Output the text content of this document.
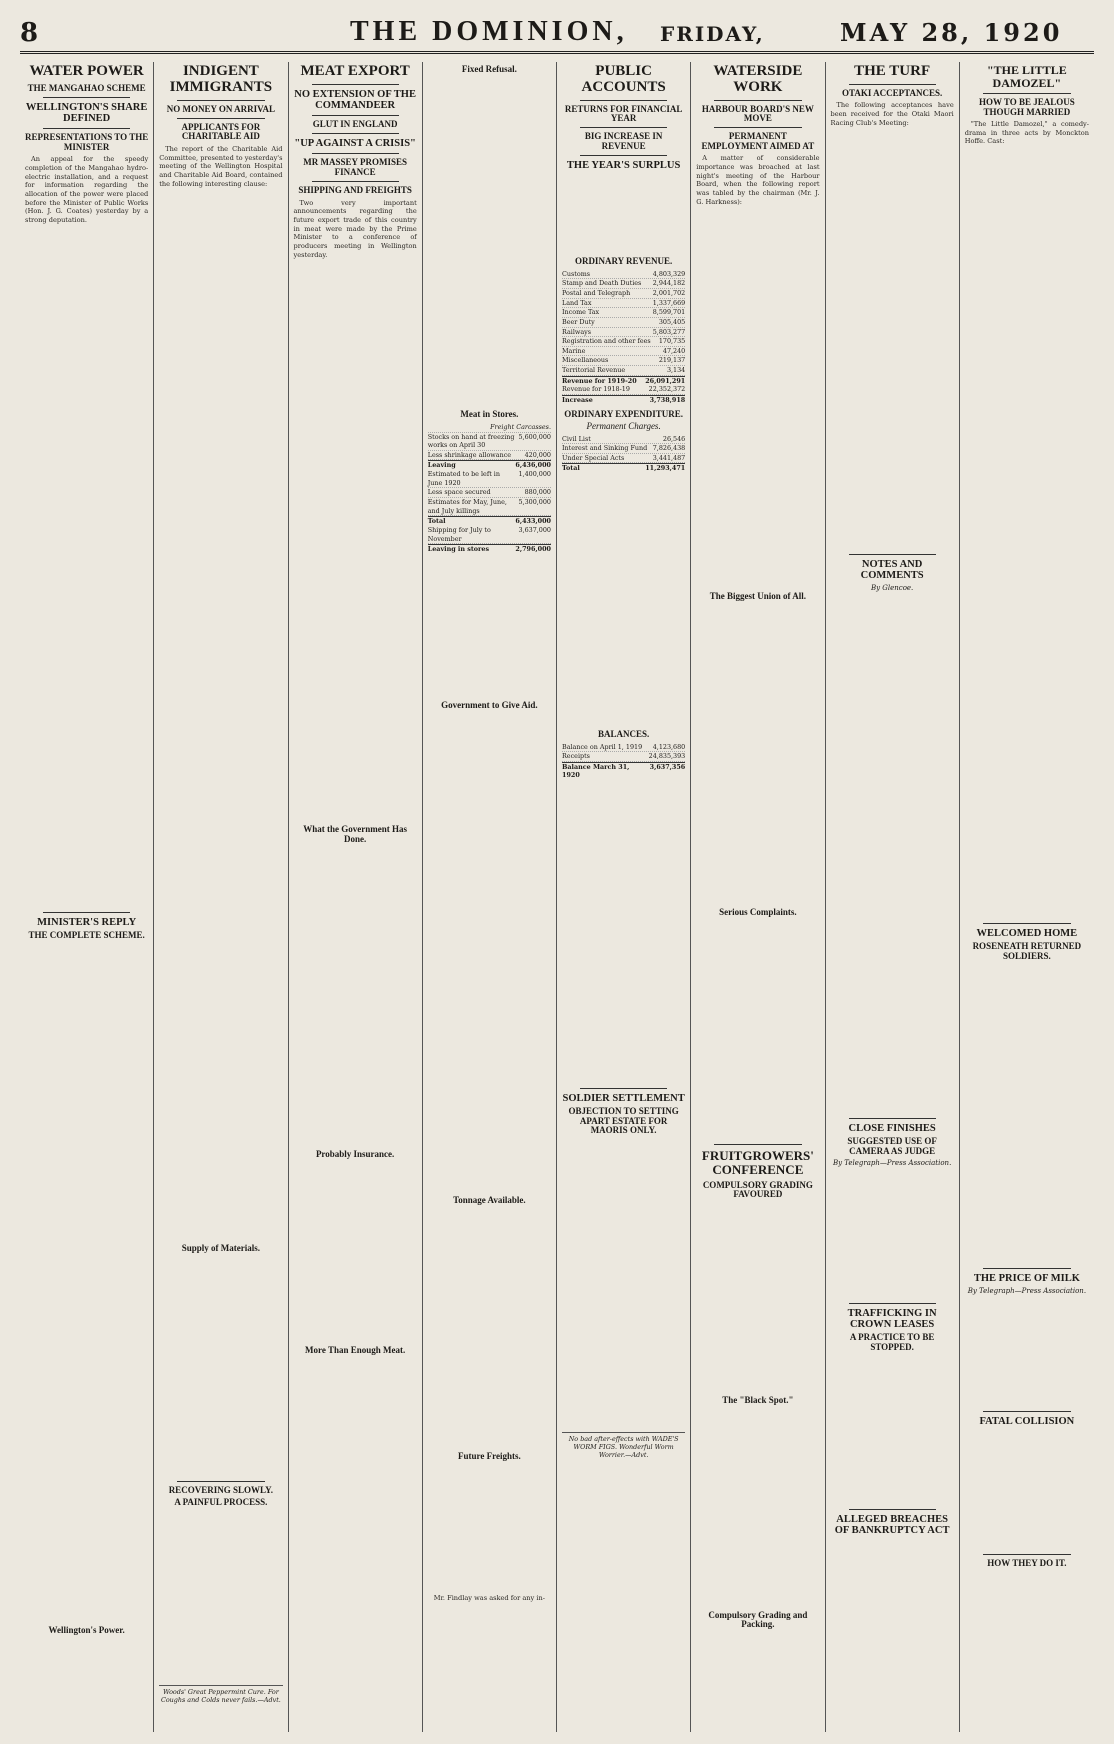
8	THE DOMINION, FRIDAY,	MAY 28, 1920
WATER POWER
THE MANGAHAO SCHEME
WELLINGTON'S SHARE DEFINED
REPRESENTATIONS TO THE MINISTER

An appeal for the speedy completion of the Mangahao hydro-electric installation, and a request for information regarding the allocation of the power were placed before the Minister of Public Works (Hon. J. G. Coates) yesterday by a strong deputation.

MINISTER'S REPLY
THE COMPLETE SCHEME.
Wellington's Power.
INDIGENT IMMIGRANTS
NO MONEY ON ARRIVAL
APPLICANTS FOR CHARITABLE AID

The report of the Charitable Aid Committee, presented to yesterday's meeting of the Wellington Hospital and Charitable Aid Board, contained the following interesting clause:

Supply of Materials.
RECOVERING SLOWLY.
A PAINFUL PROCESS.
Woods' Great Peppermint Cure. For Coughs and Colds never fails.—Advt.
MEAT EXPORT
NO EXTENSION OF THE COMMANDEER
GLUT IN ENGLAND
"UP AGAINST A CRISIS"
MR MASSEY PROMISES FINANCE
SHIPPING AND FREIGHTS

Two very important announcements regarding the future export trade of this country in meat were made by the Prime Minister to a conference of producers meeting in Wellington yesterday.

What the Government Has Done.
Probably Insurance.
More Than Enough Meat.
Fixed Refusal.
Meat in Stores.
Freight Carcasses.
Stocks on hand at freezing works on April 30
5,600,000
Less shrinkage allowance	420,000
Leaving	6,436,000
Estimated to be left in June 1920
1,400,000
Less space secured	880,000
Estimates for May, June, and July killings
5,300,000
Total	6,433,000
Shipping for July to November
3,637,000
Leaving in stores	2,796,000
Government to Give Aid.
Tonnage Available.
Future Freights.

Mr. Findlay was asked for any in-

PUBLIC ACCOUNTS
RETURNS FOR FINANCIAL YEAR
BIG INCREASE IN REVENUE
THE YEAR'S SURPLUS
ORDINARY REVENUE.
Customs	4,803,329
Stamp and Death Duties	2,944,182
Postal and Telegraph	2,001,702
Land Tax	1,337,669
Income Tax	8,599,701
Beer Duty	305,405
Railways	5,803,277
Registration and other fees	170,735
Marine	47,240
Miscellaneous	219,137
Territorial Revenue	3,134
Revenue for 1919-20	26,091,291
Revenue for 1918-19	22,352,372
Increase	3,738,918
ORDINARY EXPENDITURE.
Permanent Charges.
Civil List	26,546
Interest and Sinking Fund 7,826,438
Under Special Acts	3,441,487
Total	11,293,471
BALANCES.
Balance on April 1, 1919	4,123,680
Receipts	24,835,393
Balance March 31, 1920
3,637,356
SOLDIER SETTLEMENT
OBJECTION TO SETTING APART ESTATE FOR MAORIS ONLY.
No bad after-effects with WADE'S WORM FIGS. Wonderful Worm Worrier.—Advt.
WATERSIDE WORK
HARBOUR BOARD'S NEW MOVE
PERMANENT EMPLOYMENT AIMED AT

A matter of considerable importance was broached at last night's meeting of the Harbour Board, when the following report was tabled by the chairman (Mr. J. G. Harkness):

The Biggest Union of All.
Serious Complaints.
FRUITGROWERS' CONFERENCE
COMPULSORY GRADING FAVOURED
The "Black Spot."
Compulsory Grading and Packing.
THE TURF
OTAKI ACCEPTANCES.

The following acceptances have been received for the Otaki Maori Racing Club's Meeting:

NOTES AND COMMENTS
By Glencoe.
CLOSE FINISHES
SUGGESTED USE OF CAMERA AS JUDGE
By Telegraph—Press Association.
TRAFFICKING IN CROWN LEASES
A PRACTICE TO BE STOPPED.
ALLEGED BREACHES OF BANKRUPTCY ACT
"THE LITTLE DAMOZEL"
HOW TO BE JEALOUS THOUGH MARRIED

"The Little Damozel," a comedy-drama in three acts by Monckton Hoffe. Cast:

WELCOMED HOME
ROSENEATH RETURNED SOLDIERS.
THE PRICE OF MILK
By Telegraph—Press Association.
FATAL COLLISION
HOW THEY DO IT.
